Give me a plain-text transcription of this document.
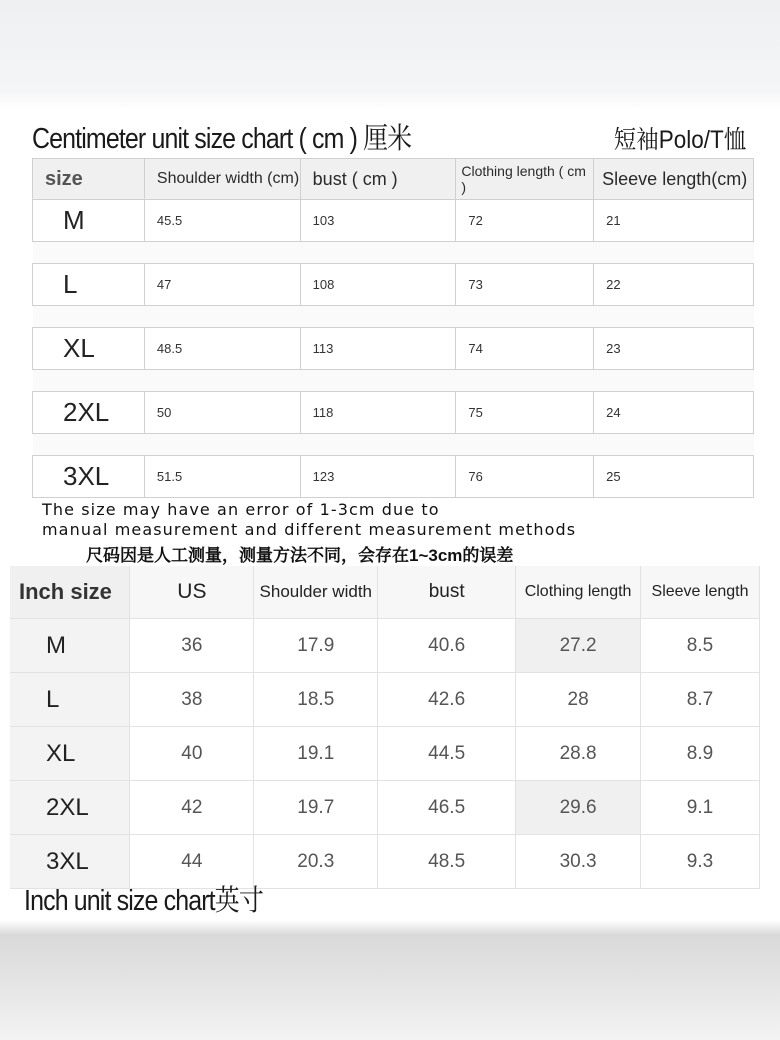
Centimeter unit size chart ( cm ) 厘米	短袖Polo/T恤
size	Shoulder width (cm)	bust ( cm )	Clothing length ( cm )	Sleeve length(cm)
M	45.5	103	72	21

L	47	108	73	22

XL	48.5	113	74	23

2XL	50	118	75	24

3XL	51.5	123	76	25
The size may have an error of 1-3cm due to
manual measurement and different measurement methods
尺码因是人工测量，测量方法不同，会存在1~3cm的误差
Inch size	US	Shoulder width	bust	Clothing length	Sleeve length
M	36	17.9	40.6	27.2	8.5
L	38	18.5	42.6	28	8.7
XL	40	19.1	44.5	28.8	8.9
2XL	42	19.7	46.5	29.6	9.1
3XL	44	20.3	48.5	30.3	9.3
Inch unit size chart英寸
